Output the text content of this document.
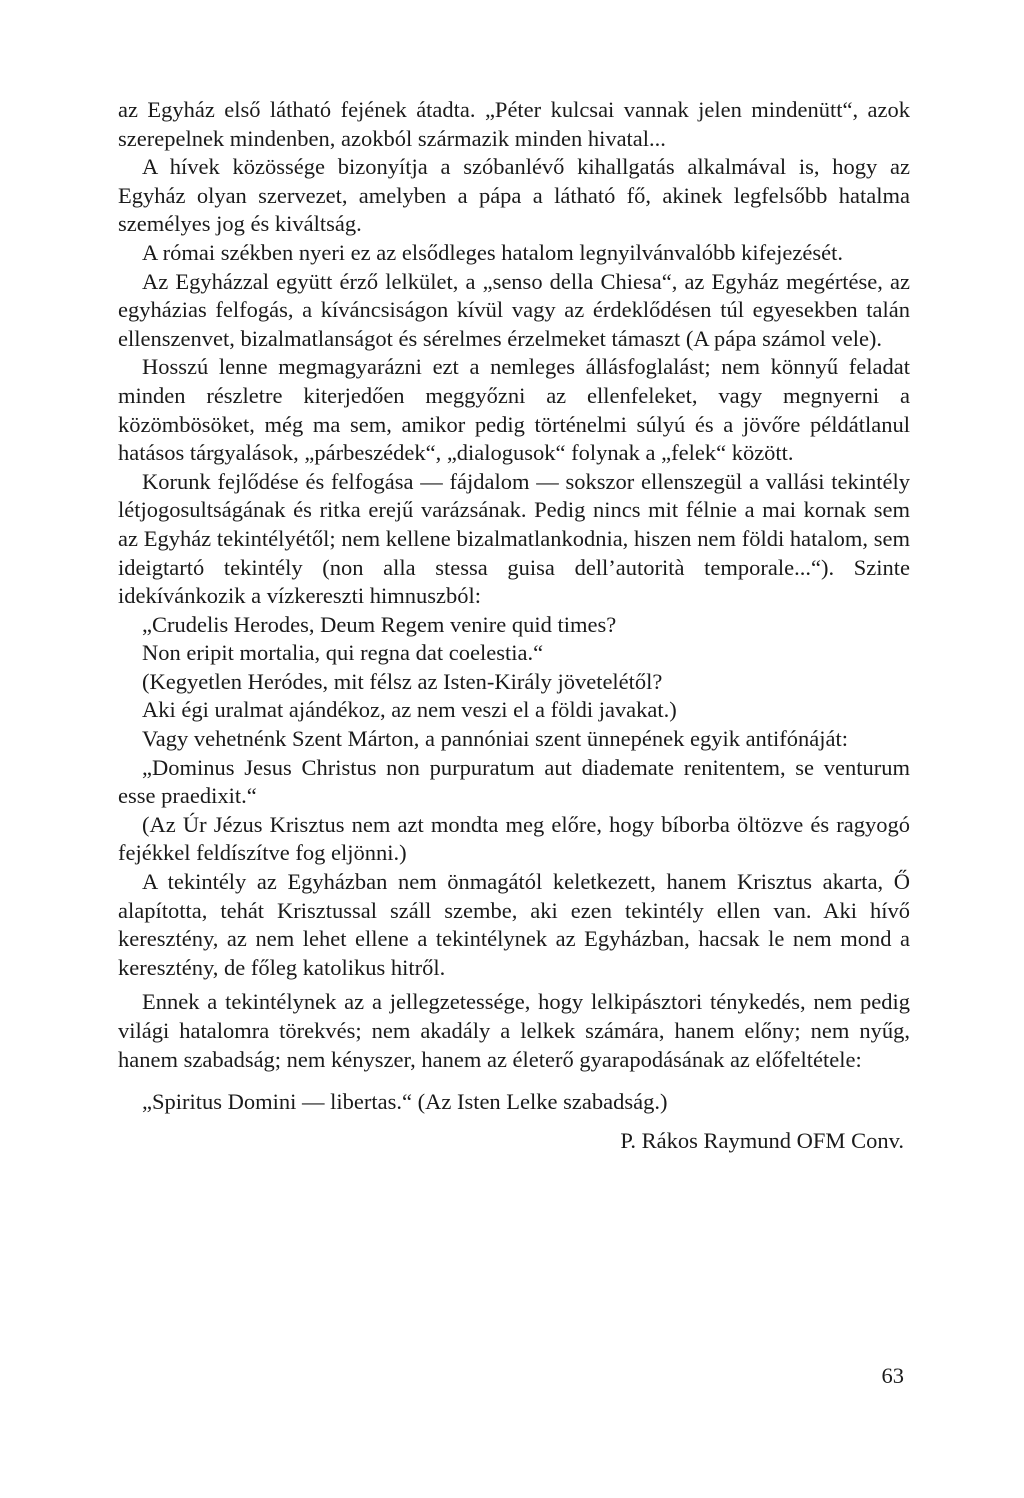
az Egyház első látható fejének átadta. „Péter kulcsai vannak jelen mindenütt“, azok szerepelnek mindenben, azokból származik minden hivatal...

A hívek közössége bizonyítja a szóbanlévő kihallgatás alkalmával is, hogy az Egyház olyan szervezet, amelyben a pápa a látható fő, akinek legfelsőbb hatalma személyes jog és kiváltság.

A római székben nyeri ez az elsődleges hatalom legnyilvánvalóbb kifejezését.

Az Egyházzal együtt érző lelkület, a „senso della Chiesa“, az Egyház megértése, az egyházias felfogás, a kíváncsiságon kívül vagy az érdeklődésen túl egyesekben talán ellenszenvet, bizalmatlanságot és sérelmes érzelmeket támaszt (A pápa számol vele).

Hosszú lenne megmagyarázni ezt a nemleges állásfoglalást; nem könnyű feladat minden részletre kiterjedően meggyőzni az ellenfeleket, vagy megnyerni a közömbösöket, még ma sem, amikor pedig történelmi súlyú és a jövőre példátlanul hatásos tárgyalások, „párbeszédek“, „dialogusok“ folynak a „felek“ között.

Korunk fejlődése és felfogása — fájdalom — sokszor ellenszegül a vallási tekintély létjogosultságának és ritka erejű varázsának. Pedig nincs mit félnie a mai kornak sem az Egyház tekintélyétől; nem kellene bizalmatlankodnia, hiszen nem földi hatalom, sem ideigtartó tekintély (non alla stessa guisa dell’autorità temporale...“). Szinte idekívánkozik a vízkereszti himnuszból:

„Crudelis Herodes, Deum Regem venire quid times?
Non eripit mortalia, qui regna dat coelestia.“
(Kegyetlen Heródes, mit félsz az Isten-Király jövetelétől?
Aki égi uralmat ajándékoz, az nem veszi el a földi javakat.)

Vagy vehetnénk Szent Márton, a pannóniai szent ünnepének egyik antifónáját:

„Dominus Jesus Christus non purpuratum aut diademate renitentem, se venturum esse praedixit.“

(Az Úr Jézus Krisztus nem azt mondta meg előre, hogy bíborba öltözve és ragyogó fejékkel feldíszítve fog eljönni.)

A tekintély az Egyházban nem önmagától keletkezett, hanem Krisztus akarta, Ő alapította, tehát Krisztussal száll szembe, aki ezen tekintély ellen van. Aki hívő keresztény, az nem lehet ellene a tekintélynek az Egyházban, hacsak le nem mond a keresztény, de főleg katolikus hitről.

Ennek a tekintélynek az a jellegzetessége, hogy lelkipásztori ténykedés, nem pedig világi hatalomra törekvés; nem akadály a lelkek számára, hanem előny; nem nyűg, hanem szabadság; nem kényszer, hanem az életerő gyarapodásának az előfeltétele:

„Spiritus Domini — libertas.“ (Az Isten Lelke szabadság.)

P. Rákos Raymund OFM Conv.
63
